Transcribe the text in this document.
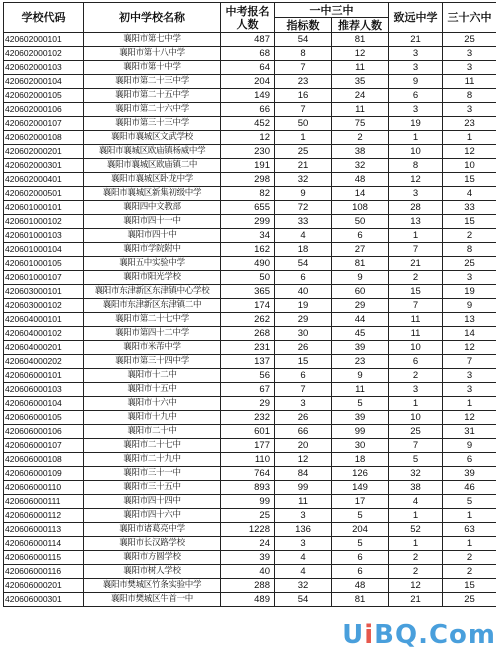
学校代码	初中学校名称	中考报名人数	一中三中		致远中学	三十六中
			指标数	推荐人数		
420602000101	襄阳市第七中学	487	54	81	21	25
420602000102	襄阳市第十八中学	68	8	12	3	3
420602000103	襄阳市第十中学	64	7	11	3	3
420602000104	襄阳市第二十三中学	204	23	35	9	11
420602000105	襄阳市第二十五中学	149	16	24	6	8
420602000106	襄阳市第二十六中学	66	7	11	3	3
420602000107	襄阳市第三十三中学	452	50	75	19	23
420602000108	襄阳市襄城区文武学校	12	1	2	1	1
420602000201	襄阳市襄城区欧庙镇杨威中学	230	25	38	10	12
420602000301	襄阳市襄城区欧庙镇二中	191	21	32	8	10
420602000401	襄阳市襄城区卧龙中学	298	32	48	12	15
420602000501	襄阳市襄城区新集初级中学	82	9	14	3	4
420601000101	襄阳四中文教部	655	72	108	28	33
420601000102	襄阳市四十一中	299	33	50	13	15
420601000103	襄阳市四十中	34	4	6	1	2
420601000104	襄阳市学院附中	162	18	27	7	8
420601000105	襄阳五中实验中学	490	54	81	21	25
420601000107	襄阳市阳光学校	50	6	9	2	3
420603000101	襄阳市东津新区东津镇中心学校	365	40	60	15	19
420603000102	襄阳市东津新区东津镇二中	174	19	29	7	9
420604000101	襄阳市第二十七中学	262	29	44	11	13
420604000102	襄阳市第四十二中学	268	30	45	11	14
420604000201	襄阳市米芾中学	231	26	39	10	12
420604000202	襄阳市第三十四中学	137	15	23	6	7
420606000101	襄阳市十二中	56	6	9	2	3
420606000103	襄阳市十五中	67	7	11	3	3
420606000104	襄阳市十六中	29	3	5	1	1
420606000105	襄阳市十九中	232	26	39	10	12
420606000106	襄阳市二十中	601	66	99	25	31
420606000107	襄阳市二十七中	177	20	30	7	9
420606000108	襄阳市二十九中	110	12	18	5	6
420606000109	襄阳市三十一中	764	84	126	32	39
420606000110	襄阳市三十五中	893	99	149	38	46
420606000111	襄阳市四十四中	99	11	17	4	5
420606000112	襄阳市四十六中	25	3	5	1	1
420606000113	襄阳市诸葛亮中学	1228	136	204	52	63
420606000114	襄阳市长汉路学校	24	3	5	1	1
420606000115	襄阳市方圆学校	39	4	6	2	2
420606000116	襄阳市树人学校	40	4	6	2	2
420606000201	襄阳市樊城区竹条实验中学	288	32	48	12	15
420606000301	襄阳市樊城区牛首一中	489	54	81	21	25
UiBQ.Com
